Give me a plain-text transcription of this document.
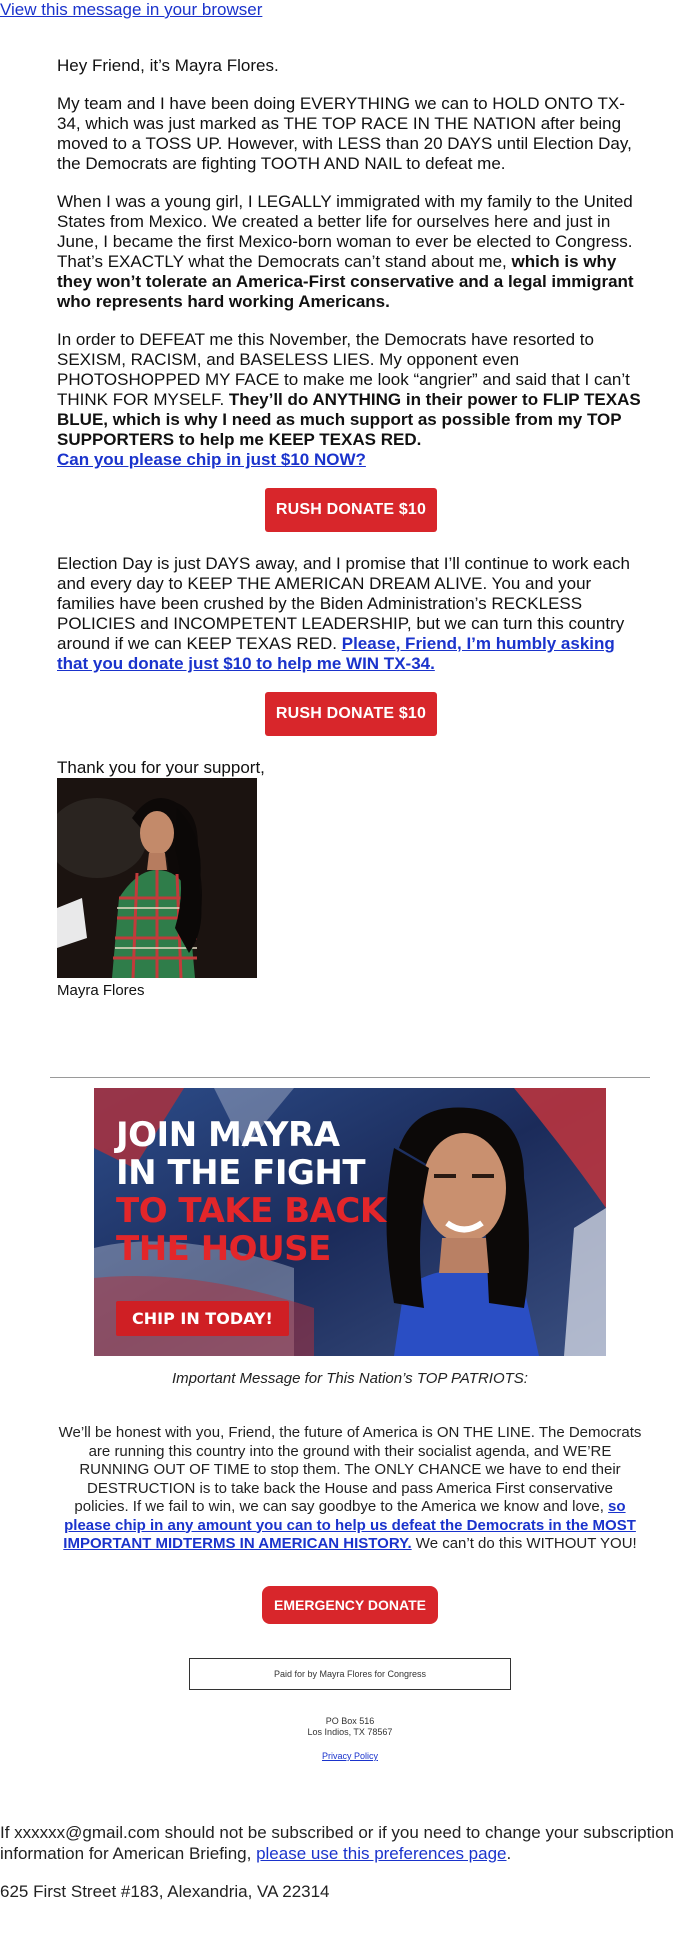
View this message in your browser

Hey Friend, it’s Mayra Flores.

My team and I have been doing EVERYTHING we can to HOLD ONTO TX-34, which was just marked as THE TOP RACE IN THE NATION after being moved to a TOSS UP. However, with LESS than 20 DAYS until Election Day, the Democrats are fighting TOOTH AND NAIL to defeat me.

When I was a young girl, I LEGALLY immigrated with my family to the United States from Mexico. We created a better life for ourselves here and just in June, I became the first Mexico-born woman to ever be elected to Congress. That’s EXACTLY what the Democrats can’t stand about me, which is why they won’t tolerate an America-First conservative and a legal immigrant who represents hard working Americans.

In order to DEFEAT me this November, the Democrats have resorted to SEXISM, RACISM, and BASELESS LIES. My opponent even PHOTOSHOPPED MY FACE to make me look “angrier” and said that I can’t THINK FOR MYSELF. They’ll do ANYTHING in their power to FLIP TEXAS BLUE, which is why I need as much support as possible from my TOP SUPPORTERS to help me KEEP TEXAS RED.
Can you please chip in just $10 NOW?

RUSH DONATE $10

Election Day is just DAYS away, and I promise that I’ll continue to work each and every day to KEEP THE AMERICAN DREAM ALIVE. You and your families have been crushed by the Biden Administration’s RECKLESS POLICIES and INCOMPETENT LEADERSHIP, but we can turn this country around if we can KEEP TEXAS RED. Please, Friend, I’m humbly asking that you donate just $10 to help me WIN TX-34.

RUSH DONATE $10

Thank you for your support,

Mayra Flores
JOIN MAYRA
IN THE FIGHT
TO TAKE BACK
THE HOUSE
CHIP IN TODAY!
Important Message for This Nation’s TOP PATRIOTS:
We’ll be honest with you, Friend, the future of America is ON THE LINE. The Democrats are running this country into the ground with their socialist agenda, and WE’RE RUNNING OUT OF TIME to stop them. The ONLY CHANCE we have to end their DESTRUCTION is to take back the House and pass America First conservative policies. If we fail to win, we can say goodbye to the America we know and love, so please chip in any amount you can to help us defeat the Democrats in the MOST IMPORTANT MIDTERMS IN AMERICAN HISTORY. We can’t do this WITHOUT YOU!
EMERGENCY DONATE
Paid for by Mayra Flores for Congress
PO Box 516
Los Indios, TX 78567
Privacy Policy
If xxxxxx@gmail.com should not be subscribed or if you need to change your subscription information for American Briefing, please use this preferences page.
625 First Street #183, Alexandria, VA 22314
